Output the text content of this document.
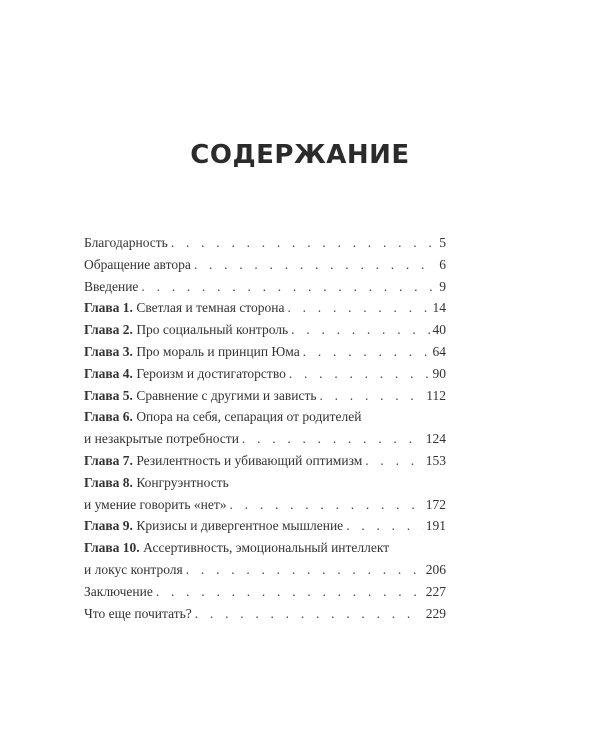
СОДЕРЖАНИЕ
Благодарность . . .	5
Обращение автора . . .	6
Введение . . .	9
Глава 1. Светлая и темная сторона . . .	14
Глава 2. Про социальный контроль . . .	40
Глава 3. Про мораль и принцип Юма . . .	64
Глава 4. Героизм и достигаторство . . .	90
Глава 5. Сравнение с другими и зависть . . .	112
Глава 6. Опора на себя, сепарация от родителей
и незакрытые потребности . . .	124
Глава 7. Резилентность и убивающий оптимизм . . .	153
Глава 8. Конгруэнтность
и умение говорить «нет» . . .	172
Глава 9. Кризисы и дивергентное мышление . . .	191
Глава 10. Ассертивность, эмоциональный интеллект
и локус контроля . . .	206
Заключение . . .	227
Что еще почитать? . . .	229
